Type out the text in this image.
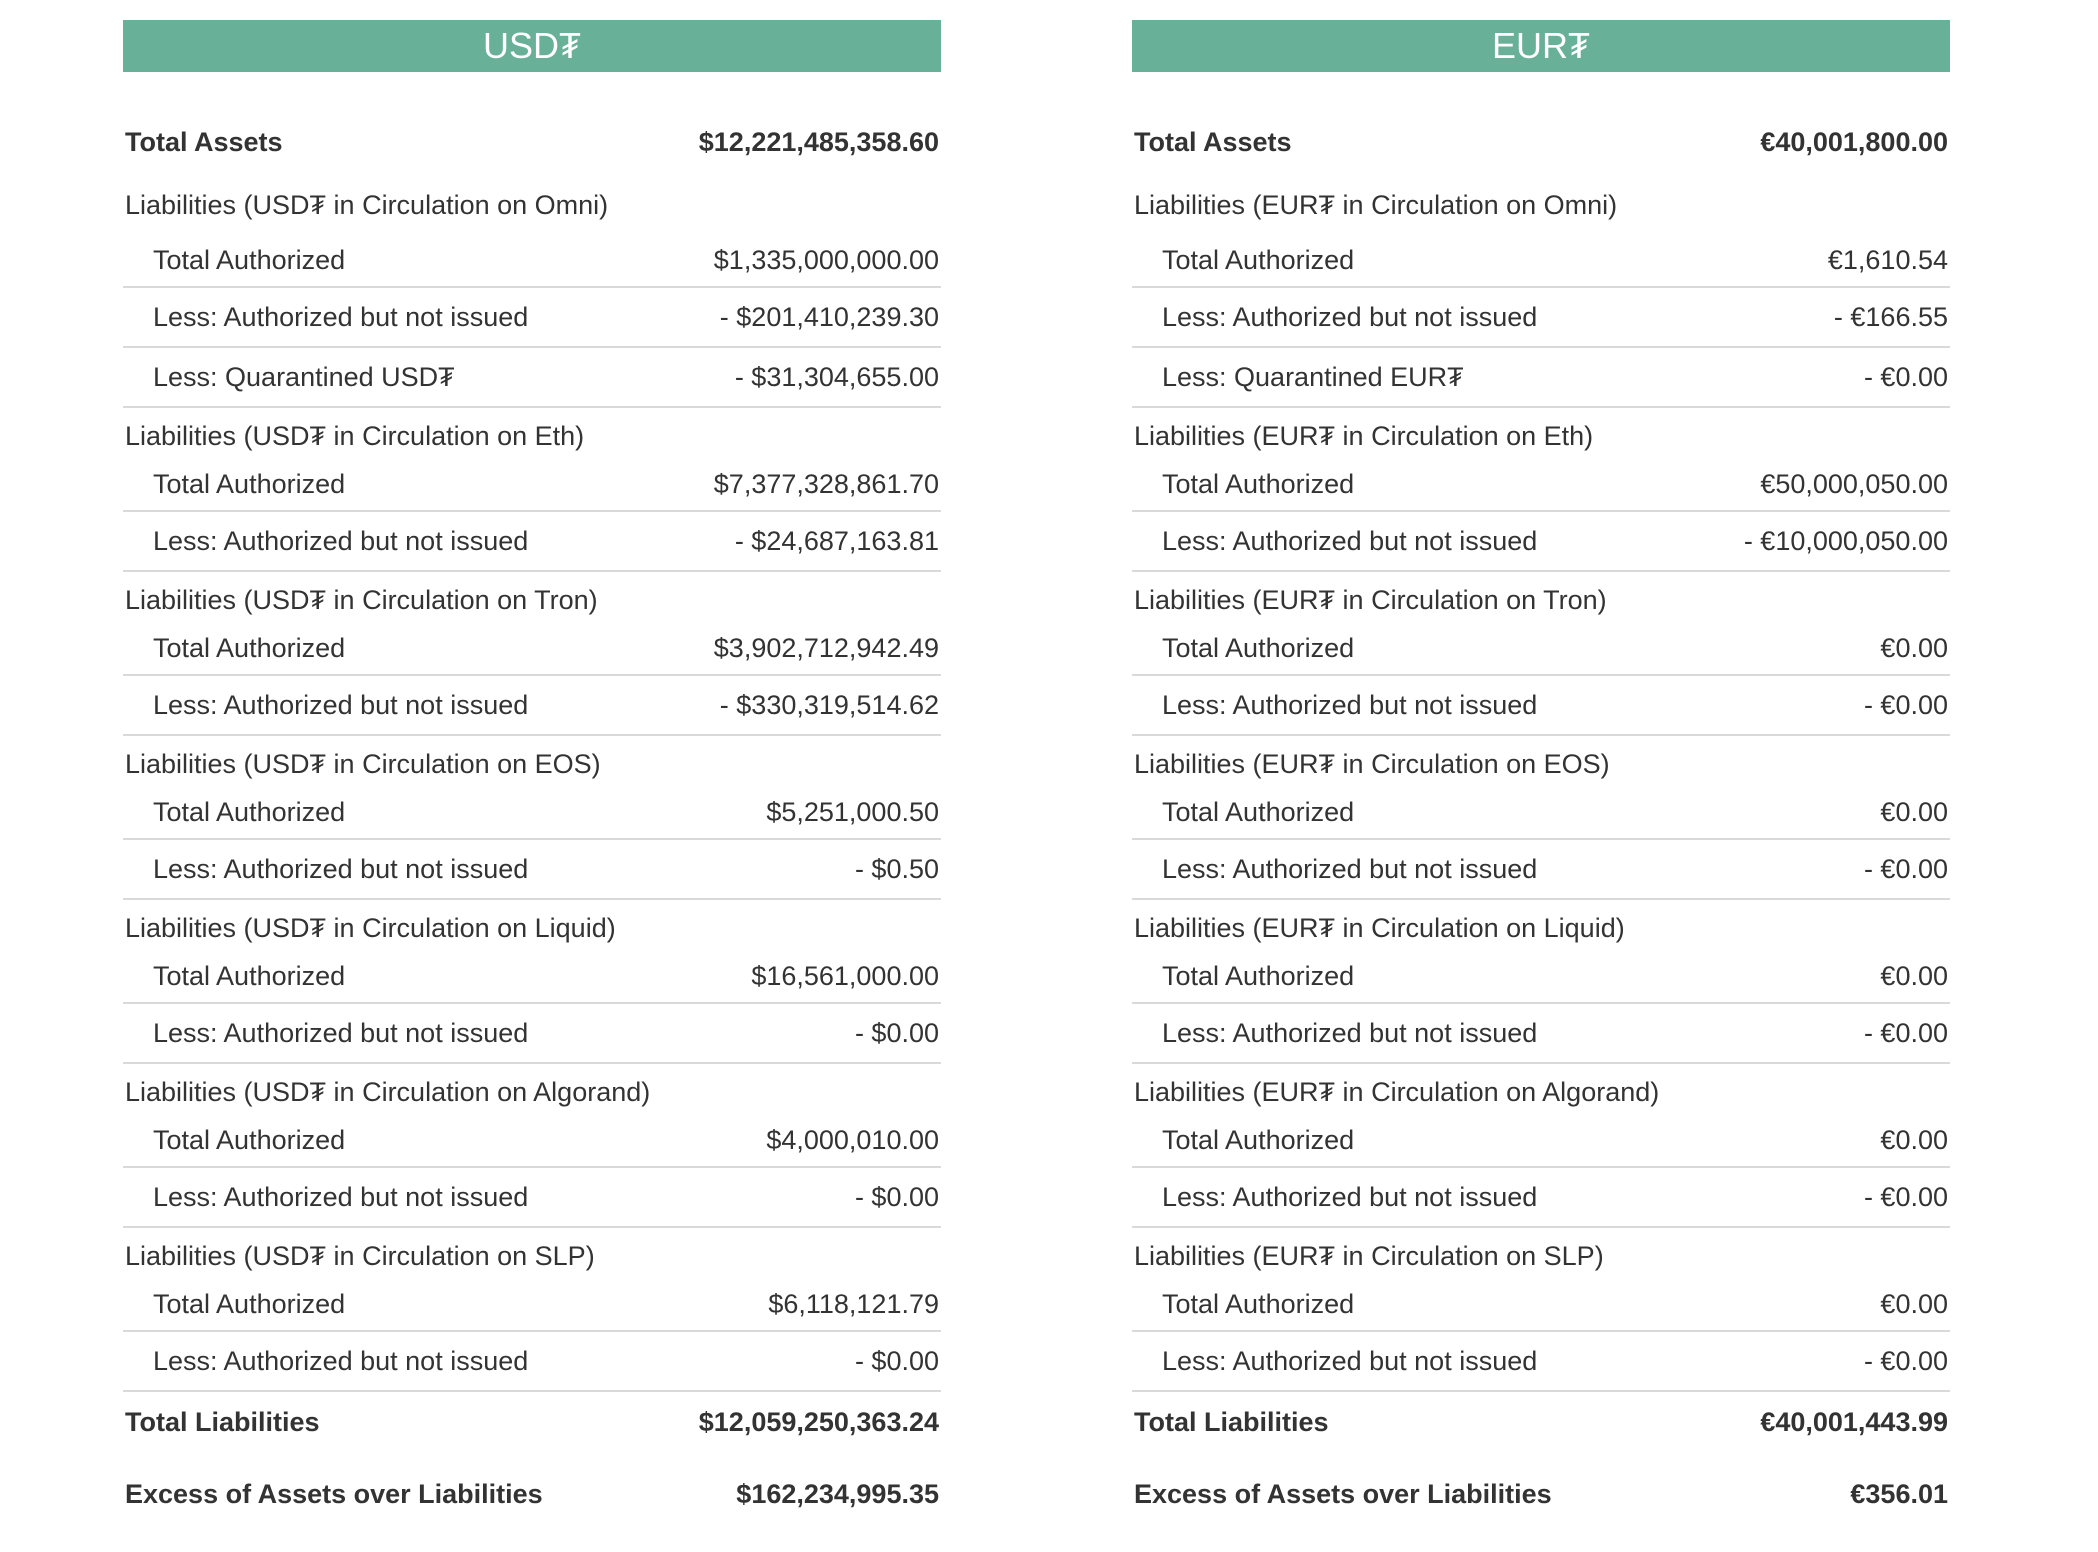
USD₮
Total Assets	$12,221,485,358.60
Liabilities (USD₮ in Circulation on Omni)
Total Authorized	$1,335,000,000.00
Less: Authorized but not issued	- $201,410,239.30
Less: Quarantined USD₮	- $31,304,655.00
Liabilities (USD₮ in Circulation on Eth)
Total Authorized	$7,377,328,861.70
Less: Authorized but not issued	- $24,687,163.81
Liabilities (USD₮ in Circulation on Tron)
Total Authorized	$3,902,712,942.49
Less: Authorized but not issued	- $330,319,514.62
Liabilities (USD₮ in Circulation on EOS)
Total Authorized	$5,251,000.50
Less: Authorized but not issued	- $0.50
Liabilities (USD₮ in Circulation on Liquid)
Total Authorized	$16,561,000.00
Less: Authorized but not issued	- $0.00
Liabilities (USD₮ in Circulation on Algorand)
Total Authorized	$4,000,010.00
Less: Authorized but not issued	- $0.00
Liabilities (USD₮ in Circulation on SLP)
Total Authorized	$6,118,121.79
Less: Authorized but not issued	- $0.00
Total Liabilities	$12,059,250,363.24
Excess of Assets over Liabilities	$162,234,995.35
EUR₮
Total Assets	€40,001,800.00
Liabilities (EUR₮ in Circulation on Omni)
Total Authorized	€1,610.54
Less: Authorized but not issued	- €166.55
Less: Quarantined EUR₮	- €0.00
Liabilities (EUR₮ in Circulation on Eth)
Total Authorized	€50,000,050.00
Less: Authorized but not issued	- €10,000,050.00
Liabilities (EUR₮ in Circulation on Tron)
Total Authorized	€0.00
Less: Authorized but not issued	- €0.00
Liabilities (EUR₮ in Circulation on EOS)
Total Authorized	€0.00
Less: Authorized but not issued	- €0.00
Liabilities (EUR₮ in Circulation on Liquid)
Total Authorized	€0.00
Less: Authorized but not issued	- €0.00
Liabilities (EUR₮ in Circulation on Algorand)
Total Authorized	€0.00
Less: Authorized but not issued	- €0.00
Liabilities (EUR₮ in Circulation on SLP)
Total Authorized	€0.00
Less: Authorized but not issued	- €0.00
Total Liabilities	€40,001,443.99
Excess of Assets over Liabilities	€356.01
